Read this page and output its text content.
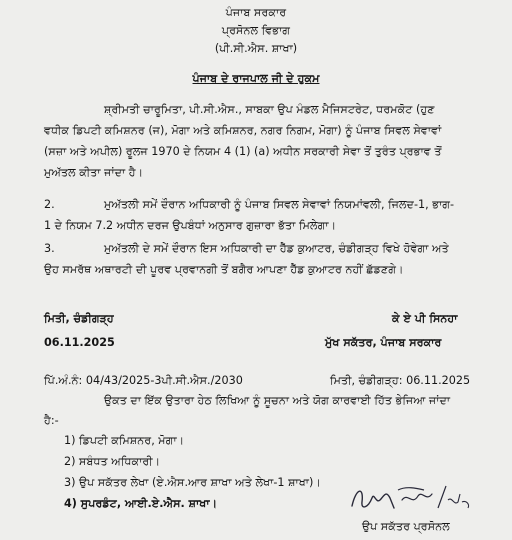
ਪੰਜਾਬ ਸਰਕਾਰ
ਪ੍ਰਸੋਨਲ ਵਿਭਾਗ
(ਪੀ.ਸੀ.ਐਸ. ਸ਼ਾਖਾ)
ਪੰਜਾਬ ਦੇ ਰਾਜਪਾਲ ਜੀ ਦੇ ਹੁਕਮ
ਸ਼੍ਰੀਮਤੀ ਚਾਰੂਮਿਤਾ, ਪੀ.ਸੀ.ਐਸ., ਸਾਬਕਾ ਉਪ ਮੰਡਲ ਮੈਜਿਸਟਰੇਟ, ਧਰਮਕੋਟ (ਹੁਣ
ਵਧੀਕ ਡਿਪਟੀ ਕਮਿਸ਼ਨਰ (ਜ), ਮੋਗਾ ਅਤੇ ਕਮਿਸ਼ਨਰ, ਨਗਰ ਨਿਗਮ, ਮੋਗਾ) ਨੂੰ ਪੰਜਾਬ ਸਿਵਲ ਸੇਵਾਵਾਂ
(ਸਜ਼ਾ ਅਤੇ ਅਪੀਲ) ਰੂਲਜ 1970 ਦੇ ਨਿਯਮ 4 (1) (a) ਅਧੀਨ ਸਰਕਾਰੀ ਸੇਵਾ ਤੋਂ ਤੁਰੰਤ ਪ੍ਰਭਾਵ ਤੋਂ
ਮੁਅੱਤਲ ਕੀਤਾ ਜਾਂਦਾ ਹੈ।
2.	ਮੁਅੱਤਲੀ ਸਮੇਂ ਦੌਰਾਨ ਅਧਿਕਾਰੀ ਨੂੰ ਪੰਜਾਬ ਸਿਵਲ ਸੇਵਾਵਾਂ ਨਿਯਮਾਂਵਲੀ, ਜਿਲਦ-1, ਭਾਗ-
1 ਦੇ ਨਿਯਮ 7.2 ਅਧੀਨ ਦਰਜ ਉਪਬੰਧਾਂ ਅਨੁਸਾਰ ਗੁਜ਼ਾਰਾ ਭੱਤਾ ਮਿਲੇਗਾ।
3.	ਮੁਅੱਤਲੀ ਦੇ ਸਮੇਂ ਦੌਰਾਨ ਇਸ ਅਧਿਕਾਰੀ ਦਾ ਹੈੱਡ ਕੁਆਟਰ, ਚੰਡੀਗੜ੍ਹ ਵਿਖੇ ਹੋਵੇਗਾ ਅਤੇ
ਉਹ ਸਮਰੱਥ ਅਥਾਰਟੀ ਦੀ ਪੂਰਵ ਪ੍ਰਵਾਨਗੀ ਤੋਂ ਬਗੈਰ ਆਪਣਾ ਹੈੱਡ ਕੁਆਟਰ ਨਹੀਂ ਛੱਡਣਗੇ।
ਮਿਤੀ, ਚੰਡੀਗੜ੍ਹ	ਕੇ ਏ ਪੀ ਸਿਨਹਾ
06.11.2025	ਮੁੱਖ ਸਕੱਤਰ, ਪੰਜਾਬ ਸਰਕਾਰ
ਪਿੱ.ਅੰ.ਨੰ: 04/43/2025-3ਪੀ.ਸੀ.ਐਸ./2030	ਮਿਤੀ, ਚੰਡੀਗੜ੍ਹ: 06.11.2025
ਉਕਤ ਦਾ ਇੱਕ ਉਤਾਰਾ ਹੇਠ ਲਿਖਿਆ ਨੂੰ ਸੂਚਨਾ ਅਤੇ ਯੋਗ ਕਾਰਵਾਈ ਹਿੱਤ ਭੇਜਿਆ ਜਾਂਦਾ
ਹੈ:-
1) ਡਿਪਟੀ ਕਮਿਸ਼ਨਰ, ਮੋਗਾ।
2) ਸਬੰਧਤ ਅਧਿਕਾਰੀ।
3) ਉਪ ਸਕੱਤਰ ਲੇਖਾ (ਏ.ਐਸ.ਆਰ ਸ਼ਾਖਾ ਅਤੇ ਲੇਖਾ-1 ਸ਼ਾਖਾ)।
4) ਸੁਪਰਡੰਟ, ਆਈ.ਏ.ਐਸ. ਸ਼ਾਖਾ।
ਉਪ ਸਕੱਤਰ ਪ੍ਰਸੋਨਲ
